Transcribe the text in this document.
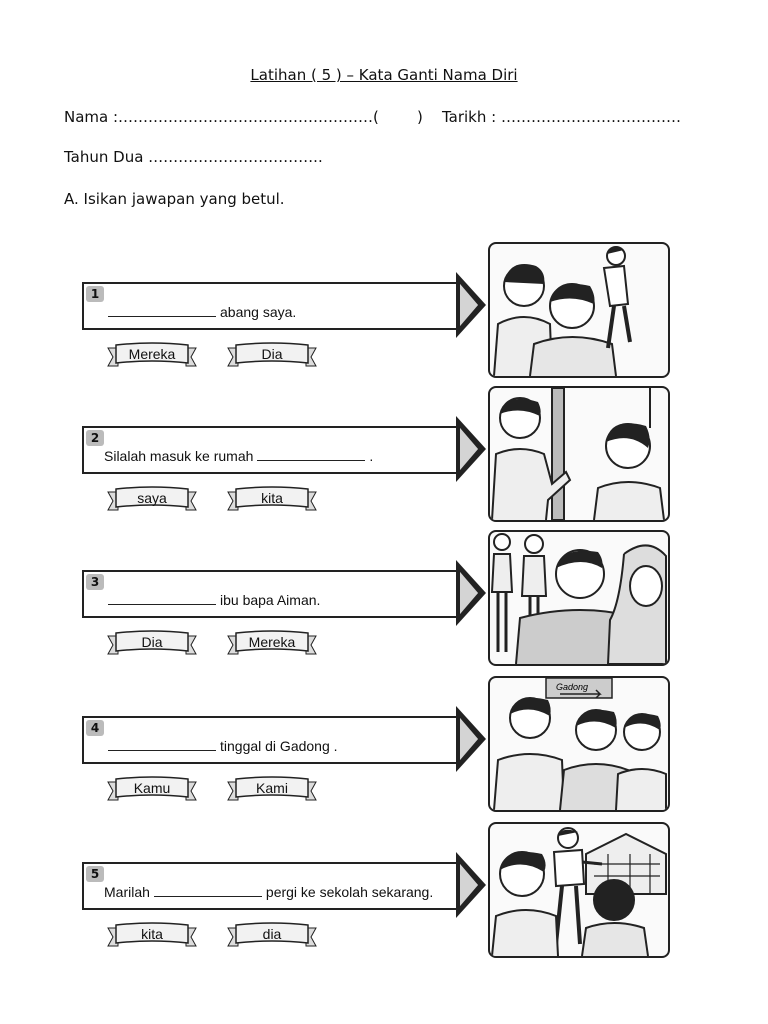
Latihan ( 5 ) – Kata Ganti Nama Diri
Nama :……………………………………………(        )    Tarikh : ………………………………
Tahun Dua ……………………………..
A. Isikan jawapan yang betul.
1
abang saya.
Mereka	Dia
2
Silalah masuk ke rumah	.
saya	kita
3
ibu bapa Aiman.
Dia	Mereka
4
tinggal di Gadong .
Gadong
Kamu	Kami
5
Marilah	pergi ke sekolah sekarang.
kita	dia
